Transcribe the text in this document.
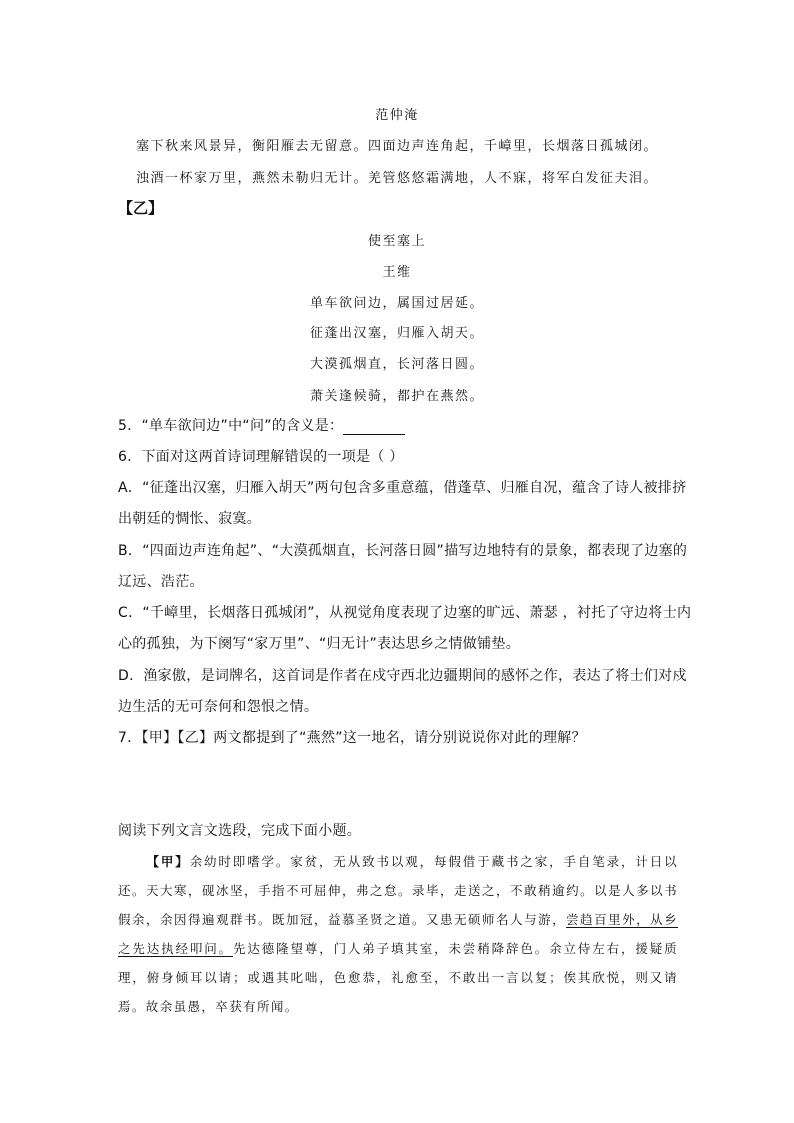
范仲淹
塞下秋来风景异，衡阳雁去无留意。四面边声连角起，千嶂里，长烟落日孤城闭。
浊酒一杯家万里，燕然未勒归无计。羌管悠悠霜满地，人不寐，将军白发征夫泪。
【乙】
使至塞上
王维
单车欲问边，属国过居延。
征蓬出汉塞，归雁入胡天。
大漠孤烟直，长河落日圆。
萧关逢候骑，都护在燕然。
5．“单车欲问边”中“问”的含义是：
6．下面对这两首诗词理解错误的一项是（ ）
A．“征蓬出汉塞，归雁入胡天”两句包含多重意蕴，借蓬草、归雁自况，蕴含了诗人被排挤
出朝廷的惆怅、寂寞。
B．“四面边声连角起”、“大漠孤烟直，长河落日圆”描写边地特有的景象，都表现了边塞的
辽远、浩茫。
C．“千嶂里，长烟落日孤城闭”，从视觉角度表现了边塞的旷远、萧瑟 ，衬托了守边将士内
心的孤独，为下阕写“家万里”、“归无计”表达思乡之情做铺垫。
D．渔家傲，是词牌名，这首词是作者在戍守西北边疆期间的感怀之作，表达了将士们对戍
边生活的无可奈何和怨恨之情。
7．【甲】【乙】两文都提到了“燕然”这一地名，请分别说说你对此的理解？
阅读下列文言文选段，完成下面小题。
【甲】余幼时即嗜学。家贫，无从致书以观，每假借于藏书之家，手自笔录，计日以还。天大寒，砚冰坚，手指不可屈伸，弗之怠。录毕，走送之，不敢稍逾约。以是人多以书假余，余因得遍观群书。既加冠，益慕圣贤之道。又患无硕师名人与游，尝趋百里外，从乡之先达执经叩问。先达德隆望尊，门人弟子填其室，未尝稍降辞色。余立侍左右，援疑质理，俯身倾耳以请；或遇其叱咄，色愈恭，礼愈至，不敢出一言以复；俟其欣悦，则又请焉。故余虽愚，卒获有所闻。
